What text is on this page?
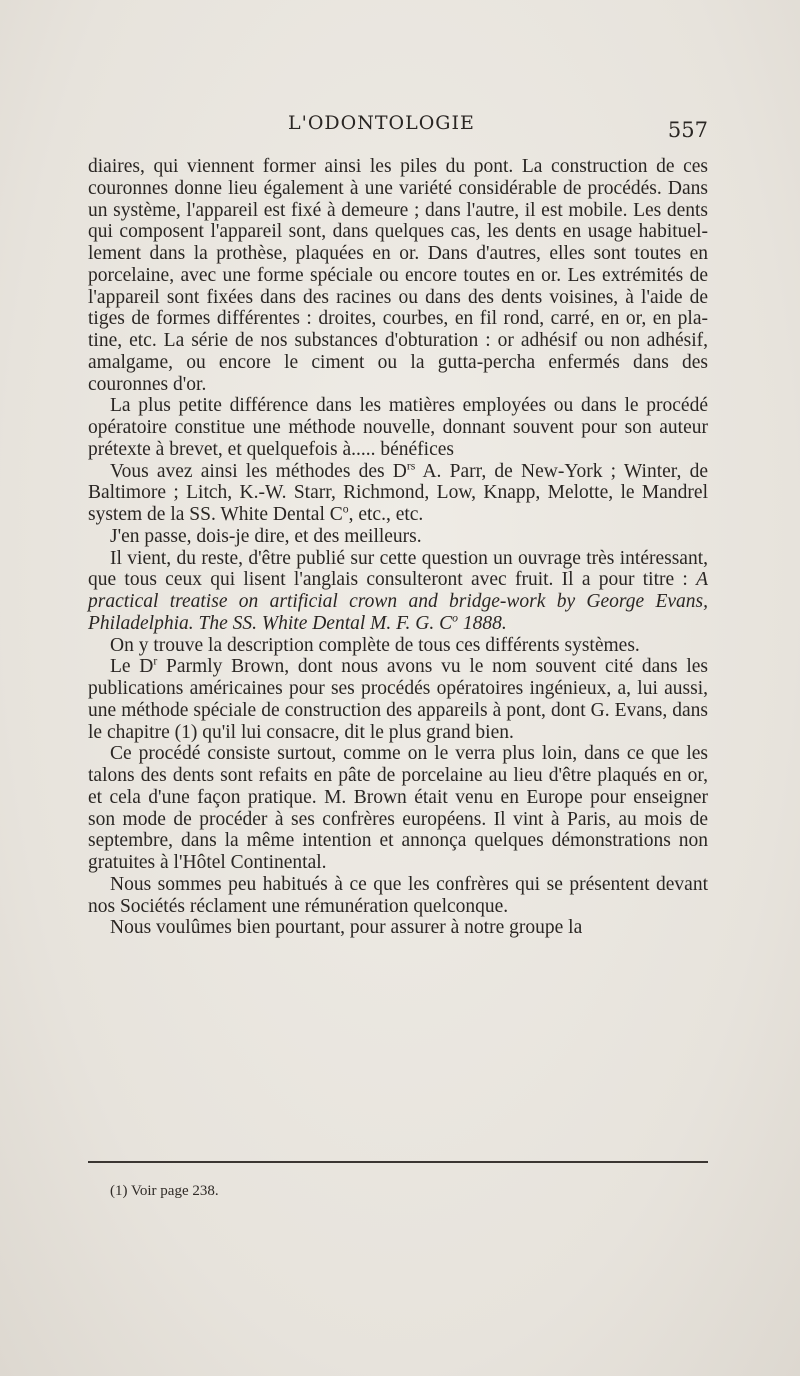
L'ODONTOLOGIE	557

diaires, qui viennent former ainsi les piles du pont. La construction de ces couronnes donne lieu également à une variété considérable de procédés. Dans un système, l'appareil est fixé à demeure ; dans l'autre, il est mobile. Les dents qui composent l'appareil sont, dans quelques cas, les dents en usage habituellement dans la prothèse, plaquées en or. Dans d'autres, elles sont toutes en porcelaine, avec une forme spéciale ou encore toutes en or. Les extrémités de l'appareil sont fixées dans des racines ou dans des dents voisines, à l'aide de tiges de formes différentes : droites, courbes, en fil rond, carré, en or, en platine, etc. La série de nos substances d'obturation : or adhésif ou non adhésif, amalgame, ou encore le ciment ou la gutta-percha enfermés dans des couronnes d'or.

La plus petite différence dans les matières employées ou dans le procédé opératoire constitue une méthode nouvelle, donnant souvent pour son auteur prétexte à brevet, et quelquefois à..... bénéfices

Vous avez ainsi les méthodes des $D^{rs}$ A. Parr, de New-York ; Winter, de Baltimore ; Litch, K.-W. Starr, Richmond, Low, Knapp, Melotte, le Mandrel system de la SS. White Dental $C^o$, etc., etc.

J'en passe, dois-je dire, et des meilleurs.

Il vient, du reste, d'être publié sur cette question un ouvrage très intéressant, que tous ceux qui lisent l'anglais consulteront avec fruit. Il a pour titre : A practical treatise on artificial crown and bridge-work by George Evans, Philadelphia. The SS. White Dental M. F. G. $C^o$ 1888.

On y trouve la description complète de tous ces différents systèmes.

Le $D^r$ Parmly Brown, dont nous avons vu le nom souvent cité dans les publications américaines pour ses procédés opératoires ingénieux, a, lui aussi, une méthode spéciale de construction des appareils à pont, dont G. Evans, dans le chapitre (1) qu'il lui consacre, dit le plus grand bien.

Ce procédé consiste surtout, comme on le verra plus loin, dans ce que les talons des dents sont refaits en pâte de porcelaine au lieu d'être plaqués en or, et cela d'une façon pratique. M. Brown était venu en Europe pour enseigner son mode de procéder à ses confrères européens. Il vint à Paris, au mois de septembre, dans la même intention et annonça quelques démonstrations non gratuites à l'Hôtel Continental.

Nous sommes peu habitués à ce que les confrères qui se présentent devant nos Sociétés réclament une rémunération quelconque.

Nous voulûmes bien pourtant, pour assurer à notre groupe la

(1) Voir page 238.
